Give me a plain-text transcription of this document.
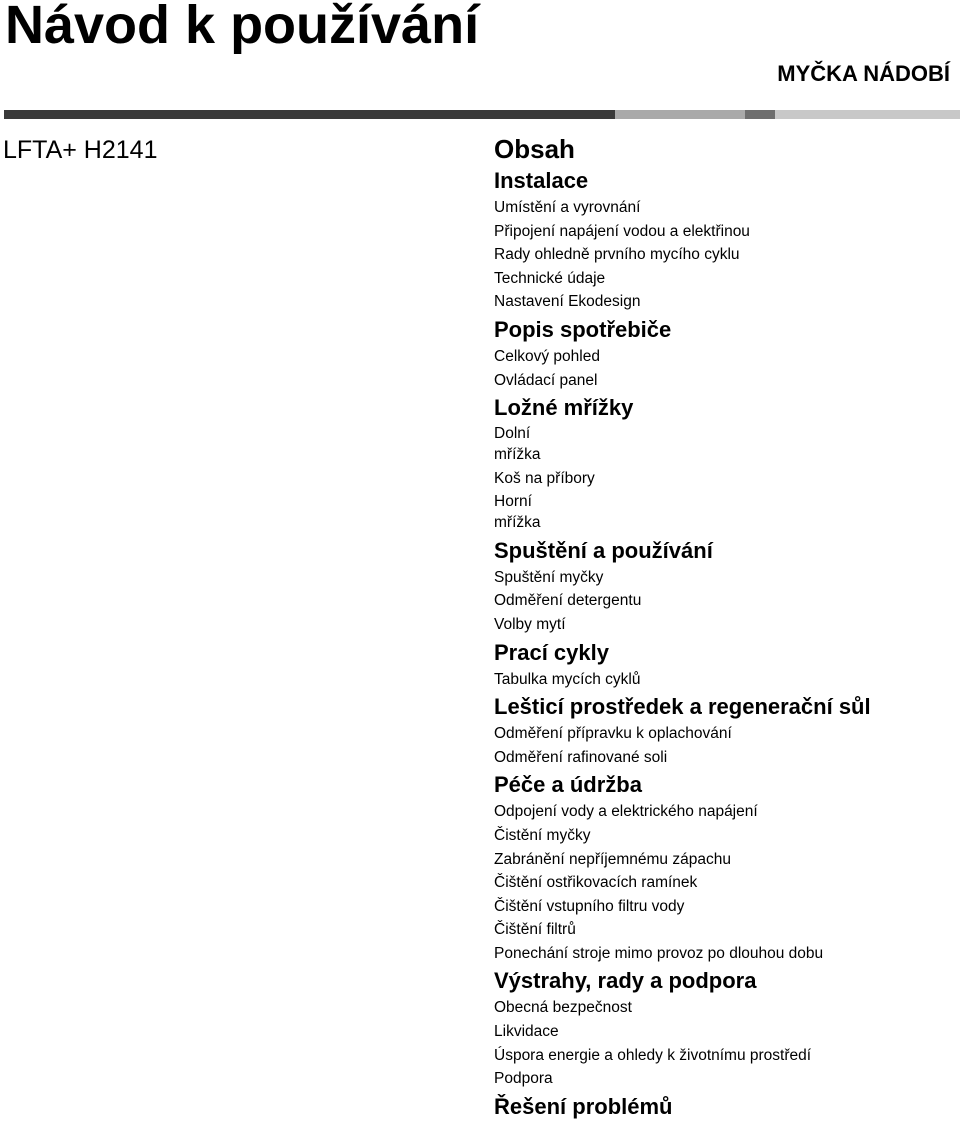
Návod k používání
MYČKA NÁDOBÍ
LFTA+ H2141	Obsah
Instalace
Umístění a vyrovnání
Připojení napájení vodou a elektřinou
Rady ohledně prvního mycího cyklu
Technické údaje
Nastavení Ekodesign
Popis spotřebiče
Celkový pohled
Ovládací panel
Ložné mřížky
Dolní mřížka
Koš na příbory
Horní mřížka
Spuštění a používání
Spuštění myčky
Odměření detergentu
Volby mytí
Prací cykly
Tabulka mycích cyklů
Lešticí prostředek a regenerační sůl
Odměření přípravku k oplachování
Odměření rafinované soli
Péče a údržba
Odpojení vody a elektrického napájení
Čistění myčky
Zabránění nepříjemnému zápachu
Čištění ostřikovacích ramínek
Čištění vstupního filtru vody
Čištění filtrů
Ponechání stroje mimo provoz po dlouhou dobu
Výstrahy, rady a podpora
Obecná bezpečnost
Likvidace
Úspora energie a ohledy k životnímu prostředí
Podpora
Řešení problémů
